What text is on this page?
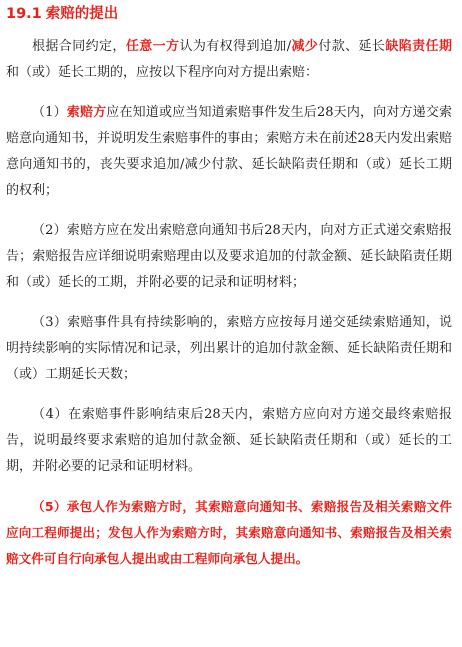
19.1 索赔的提出

根据合同约定，任意一方认为有权得到追加/减少付款、延长缺陷责任期和（或）延长工期的，应按以下程序向对方提出索赔：

（1）索赔方应在知道或应当知道索赔事件发生后28天内，向对方递交索赔意向通知书，并说明发生索赔事件的事由；索赔方未在前述28天内发出索赔意向通知书的，丧失要求追加/减少付款、延长缺陷责任期和（或）延长工期的权利；

（2）索赔方应在发出索赔意向通知书后28天内，向对方正式递交索赔报告；索赔报告应详细说明索赔理由以及要求追加的付款金额、延长缺陷责任期和（或）延长的工期，并附必要的记录和证明材料；

（3）索赔事件具有持续影响的，索赔方应按每月递交延续索赔通知，说明持续影响的实际情况和记录，列出累计的追加付款金额、延长缺陷责任期和（或）工期延长天数；

（4）在索赔事件影响结束后28天内，索赔方应向对方递交最终索赔报告，说明最终要求索赔的追加付款金额、延长缺陷责任期和（或）延长的工期，并附必要的记录和证明材料。

（5）承包人作为索赔方时，其索赔意向通知书、索赔报告及相关索赔文件应向工程师提出；发包人作为索赔方时，其索赔意向通知书、索赔报告及相关索赔文件可自行向承包人提出或由工程师向承包人提出。
